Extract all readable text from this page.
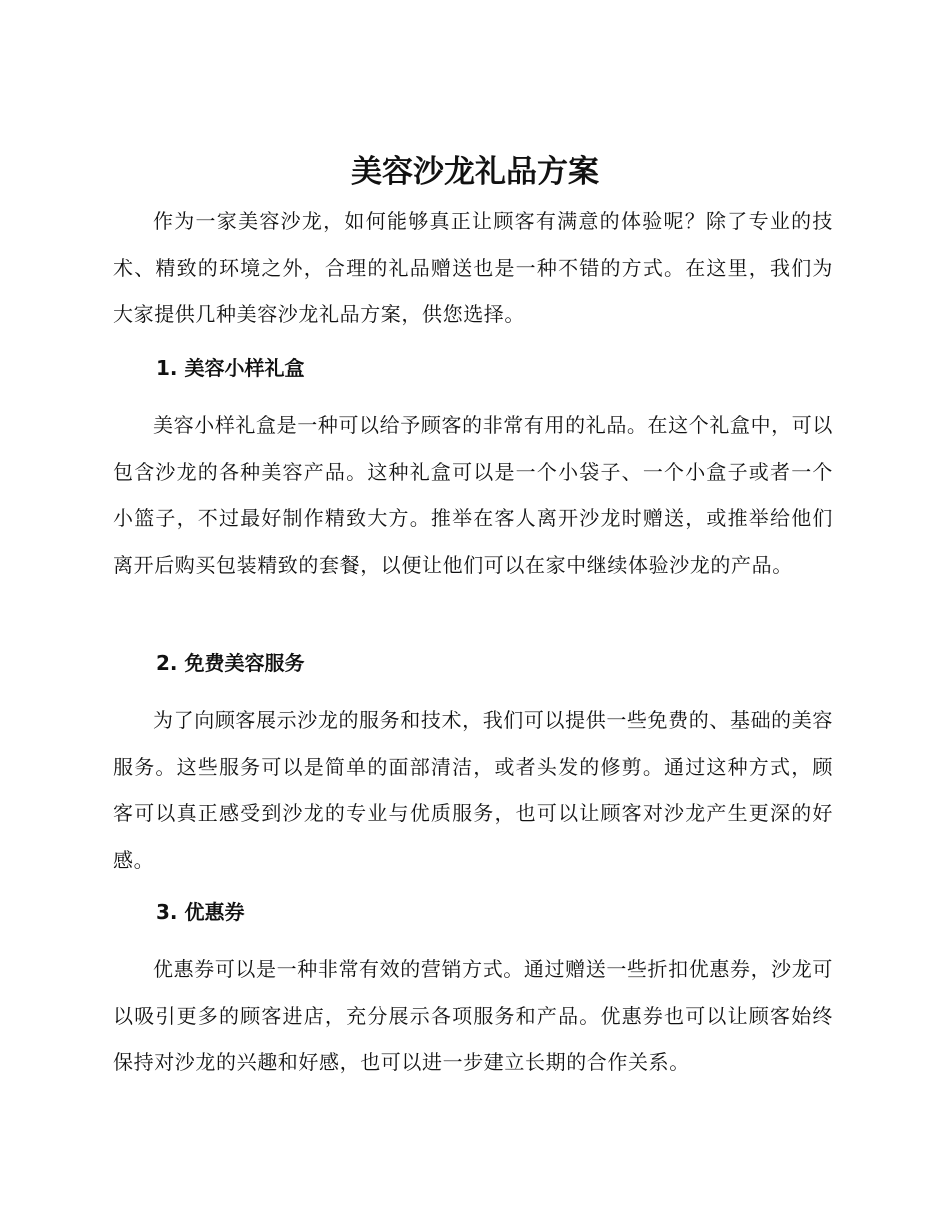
美容沙龙礼品方案

作为一家美容沙龙，如何能够真正让顾客有满意的体验呢？除了专业的技术、精致的环境之外，合理的礼品赠送也是一种不错的方式。在这里，我们为大家提供几种美容沙龙礼品方案，供您选择。

1. 美容小样礼盒

美容小样礼盒是一种可以给予顾客的非常有用的礼品。在这个礼盒中，可以包含沙龙的各种美容产品。这种礼盒可以是一个小袋子、一个小盒子或者一个小篮子，不过最好制作精致大方。推举在客人离开沙龙时赠送，或推举给他们离开后购买包装精致的套餐，以便让他们可以在家中继续体验沙龙的产品。

2. 免费美容服务

为了向顾客展示沙龙的服务和技术，我们可以提供一些免费的、基础的美容服务。这些服务可以是简单的面部清洁，或者头发的修剪。通过这种方式，顾客可以真正感受到沙龙的专业与优质服务，也可以让顾客对沙龙产生更深的好感。

3. 优惠券

优惠券可以是一种非常有效的营销方式。通过赠送一些折扣优惠券，沙龙可以吸引更多的顾客进店，充分展示各项服务和产品。优惠券也可以让顾客始终保持对沙龙的兴趣和好感，也可以进一步建立长期的合作关系。
